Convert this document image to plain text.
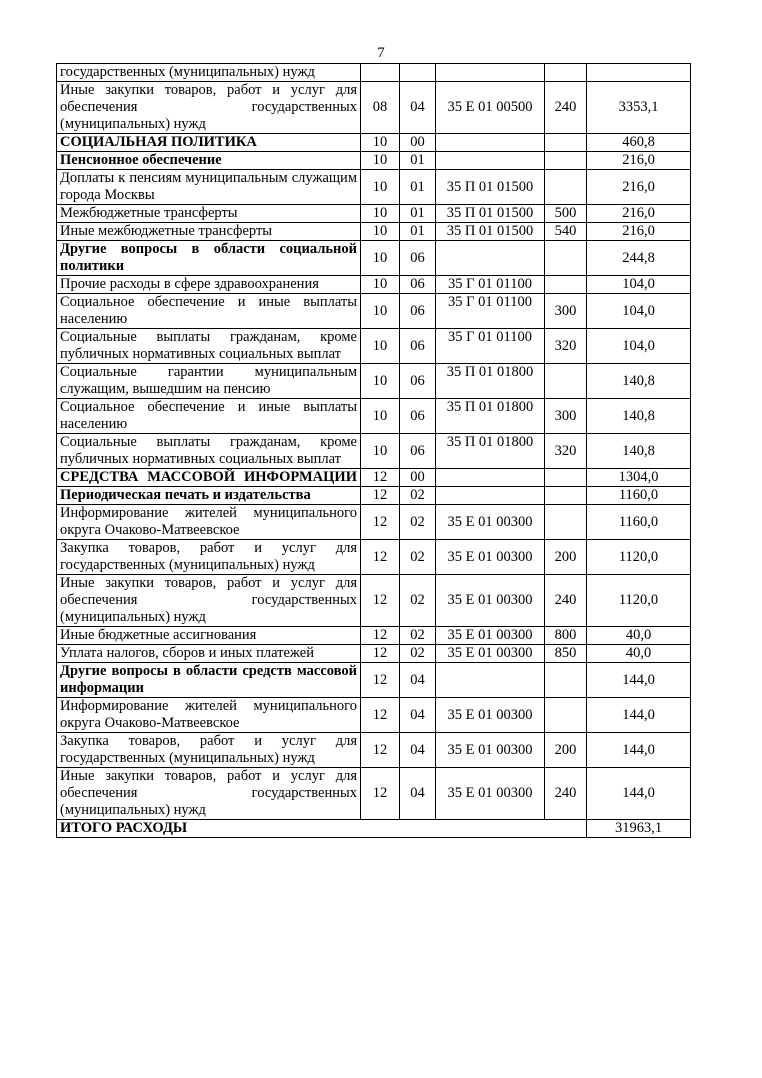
7
государственных (муниципальных) нужд					
Иные закупки товаров, работ и услуг для обеспечения государственных (муниципальных) нужд	08	04	35 Е 01 00500	240	3353,1
СОЦИАЛЬНАЯ ПОЛИТИКА	10	00			460,8
Пенсионное обеспечение	10	01			216,0
Доплаты к пенсиям муниципальным служащим города Москвы	10	01	35 П 01 01500		216,0
Межбюджетные трансферты	10	01	35 П 01 01500	500	216,0
Иные межбюджетные трансферты	10	01	35 П 01 01500	540	216,0
Другие вопросы в области социальной политики	10	06			244,8
Прочие расходы в сфере здравоохранения	10	06	35 Г 01 01100		104,0
Социальное обеспечение и иные выплаты населению	10	06	35 Г 01 01100	300	104,0
Социальные выплаты гражданам, кроме публичных нормативных социальных выплат	10	06	35 Г 01 01100	320	104,0
Социальные гарантии муниципальным служащим, вышедшим на пенсию	10	06	35 П 01 01800		140,8
Социальное обеспечение и иные выплаты населению	10	06	35 П 01 01800	300	140,8
Социальные выплаты гражданам, кроме публичных нормативных социальных выплат	10	06	35 П 01 01800	320	140,8
СРЕДСТВА МАССОВОЙ ИНФОРМАЦИИ	12	00			1304,0
Периодическая печать и издательства	12	02			1160,0
Информирование жителей муниципального округа Очаково-Матвеевское	12	02	35 Е 01 00300		1160,0
Закупка товаров, работ и услуг для государственных (муниципальных) нужд	12	02	35 Е 01 00300	200	1120,0
Иные закупки товаров, работ и услуг для обеспечения государственных (муниципальных) нужд	12	02	35 Е 01 00300	240	1120,0
Иные бюджетные ассигнования	12	02	35 Е 01 00300	800	40,0
Уплата налогов, сборов и иных платежей	12	02	35 Е 01 00300	850	40,0
Другие вопросы в области средств массовой информации	12	04			144,0
Информирование жителей муниципального округа Очаково-Матвеевское	12	04	35 Е 01 00300		144,0
Закупка товаров, работ и услуг для государственных (муниципальных) нужд	12	04	35 Е 01 00300	200	144,0
Иные закупки товаров, работ и услуг для обеспечения государственных (муниципальных) нужд	12	04	35 Е 01 00300	240	144,0
ИТОГО РАСХОДЫ					31963,1
